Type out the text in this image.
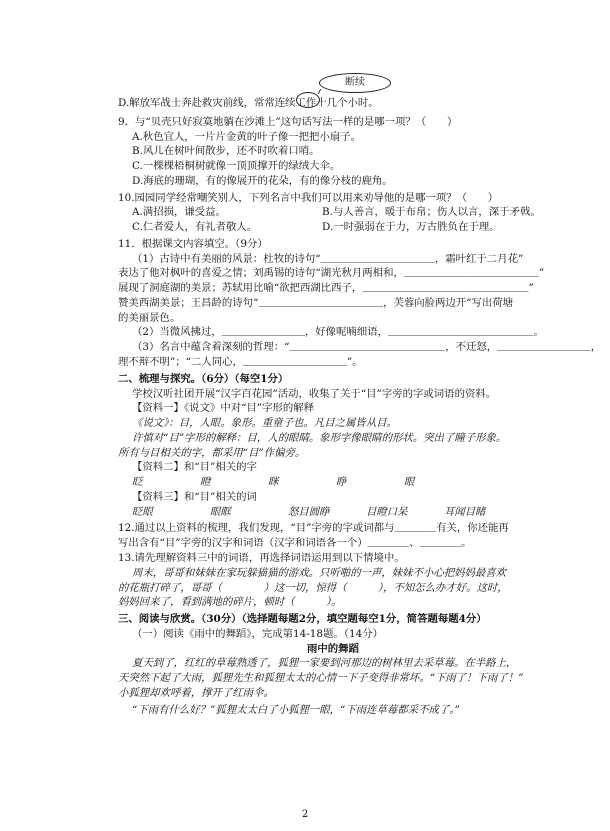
断续
D.解放军战士奔赴救灾前线，常常连续工作十几个小时。
9．与“贝壳只好寂寞地躺在沙滩上”这句话写法一样的是哪一项？（　　）
A.秋色宜人，一片片金黄的叶子像一把把小扇子。
B.风儿在树叶间散步，还不时吹着口哨。
C.一棵棵梧桐树就像一顶顶撑开的绿绒大伞。
D.海底的珊瑚，有的像展开的花朵，有的像分枝的鹿角。
10.园园同学经常嘲笑别人，下列名言中我们可以用来劝导他的是哪一项？（　　）
A.满招损，谦受益。	B.与人善言，暖于布帛；伤人以言，深于矛戟。
C.仁者爱人，有礼者敬人。	D.一时强弱在于力，万古胜负在于理。
11．根据课文内容填空。（9分）
（1）古诗中有美丽的风景：杜牧的诗句“＿＿＿＿＿＿＿＿＿＿＿，霜叶红于二月花”
表达了他对枫叶的喜爱之情；刘禹锡的诗句“湖光秋月两相和，＿＿＿＿＿＿＿＿＿＿＿＿＿”
展现了洞庭湖的美景；苏轼用比喻“欲把西湖比西子，＿＿＿＿＿＿＿＿＿＿＿＿＿＿＿＿”
赞美西湖美景；王昌龄的诗句“＿＿＿＿＿＿＿＿＿＿＿＿，芙蓉向脸两边开”写出荷塘
的美丽景色。
（2）当微风拂过，＿＿＿＿＿＿＿＿，好像呢喃细语，＿＿＿＿＿＿＿＿＿＿＿＿＿＿。
（3）名言中蕴含着深刻的哲理：“＿＿＿＿＿＿＿＿＿＿＿＿＿＿＿，不迁怒，＿＿＿＿＿＿＿＿＿，
理不辩不明”；“二人同心，＿＿＿＿＿＿＿＿＿＿”。
二、梳理与探究。（6分）（每空1分）
学校汉听社团开展“汉字百花园”活动，收集了关于“目”字旁的字或词语的资料。
【资料一】《说文》中对“目”字形的解释
《说文》：目，人眼。象形。重童子也。凡目之属皆从目。
许慎对“目”字形的解释：目，人的眼睛。象形字像眼睛的形状。突出了瞳子形象。
所有与目相关的字，都采用“目”作偏旁。
【资料二】和“目”相关的字
眨	瞪	眯	睁	眼
【资料三】和“目”相关的词
眨眼	眼眶	怒目圆睁	目瞪口呆	耳闻目睹
12.通过以上资料的梳理，我们发现，“目”字旁的字或词都与＿＿＿＿有关，你还能再
写出含有“目”字旁的汉字和词语（汉字和词语各一个）＿＿＿＿、＿＿＿＿。
13.请先理解资料三中的词语，再选择词语运用到以下情境中。
周末，哥哥和妹妹在家玩躲猫猫的游戏。只听啪的一声，妹妹不小心把妈妈最喜欢
的花瓶打碎了，哥哥（　　　　）这一切，惊得（　　　），不知怎么办才好。这时，
妈妈回来了，看到满地的碎片，顿时（　　　）。
三、阅读与欣赏。（30分）（选择题每题2分，填空题每空1分，简答题每题4分）
（一）阅读《雨中的舞蹈》，完成第14-18题。（14分）
雨中的舞蹈
夏天到了，红红的草莓熟透了，狐狸一家要到河那边的树林里去采草莓。在半路上，
天突然下起了大雨，狐狸先生和狐狸太太的心情一下子变得非常坏。“下雨了！下雨了！”
小狐狸却欢呼着，撑开了红雨伞。
“下雨有什么好？”狐狸太太白了小狐狸一眼，“下雨连草莓都采不成了。”
2
